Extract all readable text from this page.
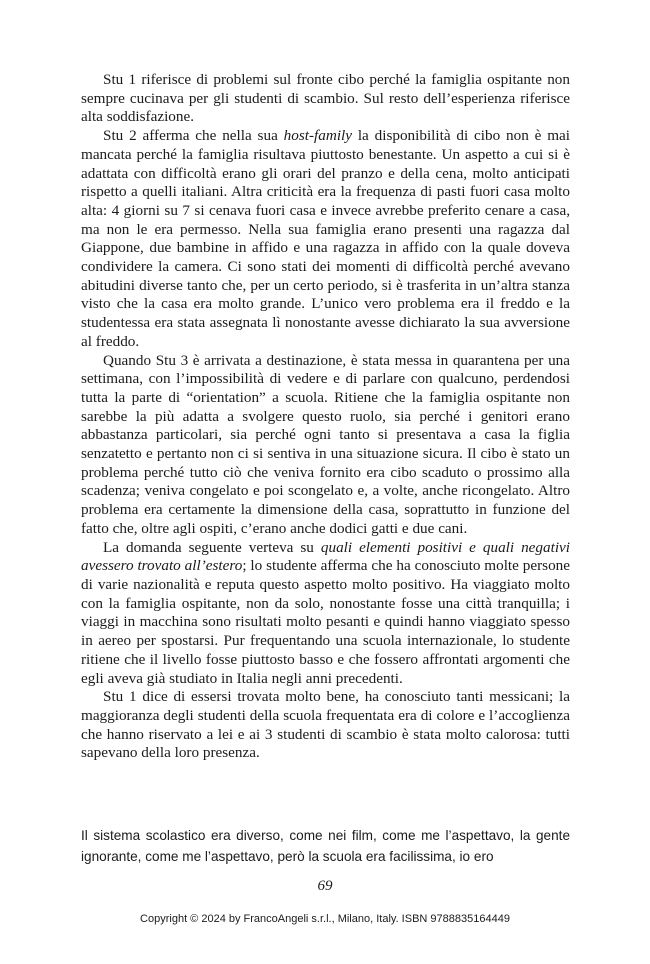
Stu 1 riferisce di problemi sul fronte cibo perché la famiglia ospitante non sempre cucinava per gli studenti di scambio. Sul resto dell’esperienza riferisce alta soddisfazione.

Stu 2 afferma che nella sua host-family la disponibilità di cibo non è mai mancata perché la famiglia risultava piuttosto benestante. Un aspetto a cui si è adattata con difficoltà erano gli orari del pranzo e della cena, molto anticipati rispetto a quelli italiani. Altra criticità era la frequenza di pasti fuori casa molto alta: 4 giorni su 7 si cenava fuori casa e invece avrebbe preferito cenare a casa, ma non le era permesso. Nella sua famiglia erano presenti una ragazza dal Giappone, due bambine in affido e una ragazza in affido con la quale doveva condividere la camera. Ci sono stati dei momenti di difficoltà perché avevano abitudini diverse tanto che, per un certo periodo, si è trasferita in un’altra stanza visto che la casa era molto grande. L’unico vero problema era il freddo e la studentessa era stata assegnata lì nonostante avesse dichiarato la sua avversione al freddo.

Quando Stu 3 è arrivata a destinazione, è stata messa in quarantena per una settimana, con l’impossibilità di vedere e di parlare con qualcuno, perdendosi tutta la parte di “orientation” a scuola. Ritiene che la famiglia ospitante non sarebbe la più adatta a svolgere questo ruolo, sia perché i genitori erano abbastanza particolari, sia perché ogni tanto si presentava a casa la figlia senzatetto e pertanto non ci si sentiva in una situazione sicura. Il cibo è stato un problema perché tutto ciò che veniva fornito era cibo scaduto o prossimo alla scadenza; veniva congelato e poi scongelato e, a volte, anche ricongelato. Altro problema era certamente la dimensione della casa, soprattutto in funzione del fatto che, oltre agli ospiti, c’erano anche dodici gatti e due cani.

La domanda seguente verteva su quali elementi positivi e quali negativi avessero trovato all’estero; lo studente afferma che ha conosciuto molte persone di varie nazionalità e reputa questo aspetto molto positivo. Ha viaggiato molto con la famiglia ospitante, non da solo, nonostante fosse una città tranquilla; i viaggi in macchina sono risultati molto pesanti e quindi hanno viaggiato spesso in aereo per spostarsi. Pur frequentando una scuola internazionale, lo studente ritiene che il livello fosse piuttosto basso e che fossero affrontati argomenti che egli aveva già studiato in Italia negli anni precedenti.

Stu 1 dice di essersi trovata molto bene, ha conosciuto tanti messicani; la maggioranza degli studenti della scuola frequentata era di colore e l’accoglienza che hanno riservato a lei e ai 3 studenti di scambio è stata molto calorosa: tutti sapevano della loro presenza.

Il sistema scolastico era diverso, come nei film, come me l’aspettavo, la gente ignorante, come me l’aspettavo, però la scuola era facilissima, io ero
69
Copyright © 2024 by FrancoAngeli s.r.l., Milano, Italy. ISBN 9788835164449
